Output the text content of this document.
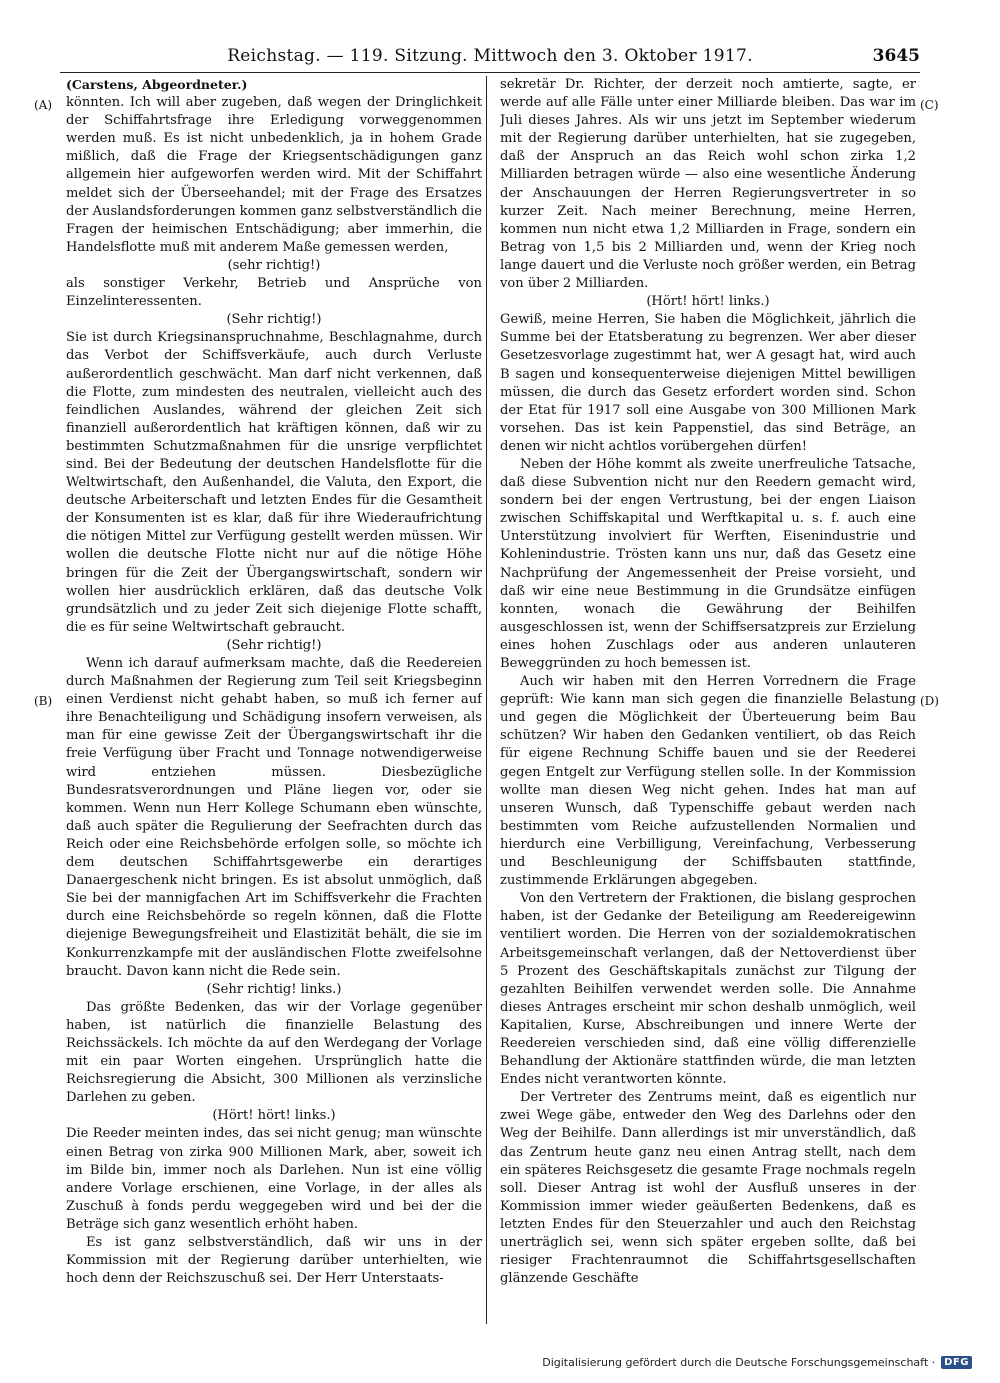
Reichstag. — 119. Sitzung. Mittwoch den 3. Oktober 1917.	3645
(A)
(B)
(C)
(D)

(Carstens, Abgeordneter.)

könnten. Ich will aber zugeben, daß wegen der Dringlichkeit der Schiffahrtsfrage ihre Erledigung vorweggenommen werden muß. Es ist nicht unbedenklich, ja in hohem Grade mißlich, daß die Frage der Kriegsentschädigungen ganz allgemein hier aufgeworfen werden wird. Mit der Schiffahrt meldet sich der Überseehandel; mit der Frage des Ersatzes der Auslandsforderungen kommen ganz selbstverständlich die Fragen der heimischen Entschädigung; aber immerhin, die Handelsflotte muß mit anderem Maße gemessen werden,

(sehr richtig!)

als sonstiger Verkehr, Betrieb und Ansprüche von Einzelinteressenten.

(Sehr richtig!)

Sie ist durch Kriegsinanspruchnahme, Beschlagnahme, durch das Verbot der Schiffsverkäufe, auch durch Verluste außerordentlich geschwächt. Man darf nicht verkennen, daß die Flotte, zum mindesten des neutralen, vielleicht auch des feindlichen Auslandes, während der gleichen Zeit sich finanziell außerordentlich hat kräftigen können, daß wir zu bestimmten Schutzmaßnahmen für die unsrige verpflichtet sind. Bei der Bedeutung der deutschen Handelsflotte für die Weltwirtschaft, den Außenhandel, die Valuta, den Export, die deutsche Arbeiterschaft und letzten Endes für die Gesamtheit der Konsumenten ist es klar, daß für ihre Wiederaufrichtung die nötigen Mittel zur Verfügung gestellt werden müssen. Wir wollen die deutsche Flotte nicht nur auf die nötige Höhe bringen für die Zeit der Übergangswirtschaft, sondern wir wollen hier ausdrücklich erklären, daß das deutsche Volk grundsätzlich und zu jeder Zeit sich diejenige Flotte schafft, die es für seine Weltwirtschaft gebraucht.

(Sehr richtig!)

Wenn ich darauf aufmerksam machte, daß die Reedereien durch Maßnahmen der Regierung zum Teil seit Kriegsbeginn einen Verdienst nicht gehabt haben, so muß ich ferner auf ihre Benachteiligung und Schädigung insofern verweisen, als man für eine gewisse Zeit der Übergangswirtschaft ihr die freie Verfügung über Fracht und Tonnage notwendigerweise wird entziehen müssen. Diesbezügliche Bundesratsverordnungen und Pläne liegen vor, oder sie kommen. Wenn nun Herr Kollege Schumann eben wünschte, daß auch später die Regulierung der Seefrachten durch das Reich oder eine Reichsbehörde erfolgen solle, so möchte ich dem deutschen Schiffahrtsgewerbe ein derartiges Danaergeschenk nicht bringen. Es ist absolut unmöglich, daß Sie bei der mannigfachen Art im Schiffsverkehr die Frachten durch eine Reichsbehörde so regeln können, daß die Flotte diejenige Bewegungsfreiheit und Elastizität behält, die sie im Konkurrenzkampfe mit der ausländischen Flotte zweifelsohne braucht. Davon kann nicht die Rede sein.

(Sehr richtig! links.)

Das größte Bedenken, das wir der Vorlage gegenüber haben, ist natürlich die finanzielle Belastung des Reichssäckels. Ich möchte da auf den Werdegang der Vorlage mit ein paar Worten eingehen. Ursprünglich hatte die Reichsregierung die Absicht, 300 Millionen als verzinsliche Darlehen zu geben.

(Hört! hört! links.)

Die Reeder meinten indes, das sei nicht genug; man wünschte einen Betrag von zirka 900 Millionen Mark, aber, soweit ich im Bilde bin, immer noch als Darlehen. Nun ist eine völlig andere Vorlage erschienen, eine Vorlage, in der alles als Zuschuß à fonds perdu weggegeben wird und bei der die Beträge sich ganz wesentlich erhöht haben.

Es ist ganz selbstverständlich, daß wir uns in der Kommission mit der Regierung darüber unterhielten, wie hoch denn der Reichszuschuß sei. Der Herr Unterstaats-

sekretär Dr. Richter, der derzeit noch amtierte, sagte, er werde auf alle Fälle unter einer Milliarde bleiben. Das war im Juli dieses Jahres. Als wir uns jetzt im September wiederum mit der Regierung darüber unterhielten, hat sie zugegeben, daß der Anspruch an das Reich wohl schon zirka 1,2 Milliarden betragen würde — also eine wesentliche Änderung der Anschauungen der Herren Regierungsvertreter in so kurzer Zeit. Nach meiner Berechnung, meine Herren, kommen nun nicht etwa 1,2 Milliarden in Frage, sondern ein Betrag von 1,5 bis 2 Milliarden und, wenn der Krieg noch lange dauert und die Verluste noch größer werden, ein Betrag von über 2 Milliarden.

(Hört! hört! links.)

Gewiß, meine Herren, Sie haben die Möglichkeit, jährlich die Summe bei der Etatsberatung zu begrenzen. Wer aber dieser Gesetzesvorlage zugestimmt hat, wer A gesagt hat, wird auch B sagen und konsequenterweise diejenigen Mittel bewilligen müssen, die durch das Gesetz erfordert worden sind. Schon der Etat für 1917 soll eine Ausgabe von 300 Millionen Mark vorsehen. Das ist kein Pappenstiel, das sind Beträge, an denen wir nicht achtlos vorübergehen dürfen!

Neben der Höhe kommt als zweite unerfreuliche Tatsache, daß diese Subvention nicht nur den Reedern gemacht wird, sondern bei der engen Vertrustung, bei der engen Liaison zwischen Schiffskapital und Werftkapital u. s. f. auch eine Unterstützung involviert für Werften, Eisenindustrie und Kohlenindustrie. Trösten kann uns nur, daß das Gesetz eine Nachprüfung der Angemessenheit der Preise vorsieht, und daß wir eine neue Bestimmung in die Grundsätze einfügen konnten, wonach die Gewährung der Beihilfen ausgeschlossen ist, wenn der Schiffsersatzpreis zur Erzielung eines hohen Zuschlags oder aus anderen unlauteren Beweggründen zu hoch bemessen ist.

Auch wir haben mit den Herren Vorrednern die Frage geprüft: Wie kann man sich gegen die finanzielle Belastung und gegen die Möglichkeit der Überteuerung beim Bau schützen? Wir haben den Gedanken ventiliert, ob das Reich für eigene Rechnung Schiffe bauen und sie der Reederei gegen Entgelt zur Verfügung stellen solle. In der Kommission wollte man diesen Weg nicht gehen. Indes hat man auf unseren Wunsch, daß Typenschiffe gebaut werden nach bestimmten vom Reiche aufzustellenden Normalien und hierdurch eine Verbilligung, Vereinfachung, Verbesserung und Beschleunigung der Schiffsbauten stattfinde, zustimmende Erklärungen abgegeben.

Von den Vertretern der Fraktionen, die bislang gesprochen haben, ist der Gedanke der Beteiligung am Reedereigewinn ventiliert worden. Die Herren von der sozialdemokratischen Arbeitsgemeinschaft verlangen, daß der Nettoverdienst über 5 Prozent des Geschäftskapitals zunächst zur Tilgung der gezahlten Beihilfen verwendet werden solle. Die Annahme dieses Antrages erscheint mir schon deshalb unmöglich, weil Kapitalien, Kurse, Abschreibungen und innere Werte der Reedereien verschieden sind, daß eine völlig differenzielle Behandlung der Aktionäre stattfinden würde, die man letzten Endes nicht verantworten könnte.

Der Vertreter des Zentrums meint, daß es eigentlich nur zwei Wege gäbe, entweder den Weg des Darlehns oder den Weg der Beihilfe. Dann allerdings ist mir unverständlich, daß das Zentrum heute ganz neu einen Antrag stellt, nach dem ein späteres Reichsgesetz die gesamte Frage nochmals regeln soll. Dieser Antrag ist wohl der Ausfluß unseres in der Kommission immer wieder geäußerten Bedenkens, daß es letzten Endes für den Steuerzahler und auch den Reichstag unerträglich sei, wenn sich später ergeben sollte, daß bei riesiger Frachtenraumnot die Schiffahrtsgesellschaften glänzende Geschäfte

Digitalisierung gefördert durch die Deutsche Forschungsgemeinschaft · DFG
